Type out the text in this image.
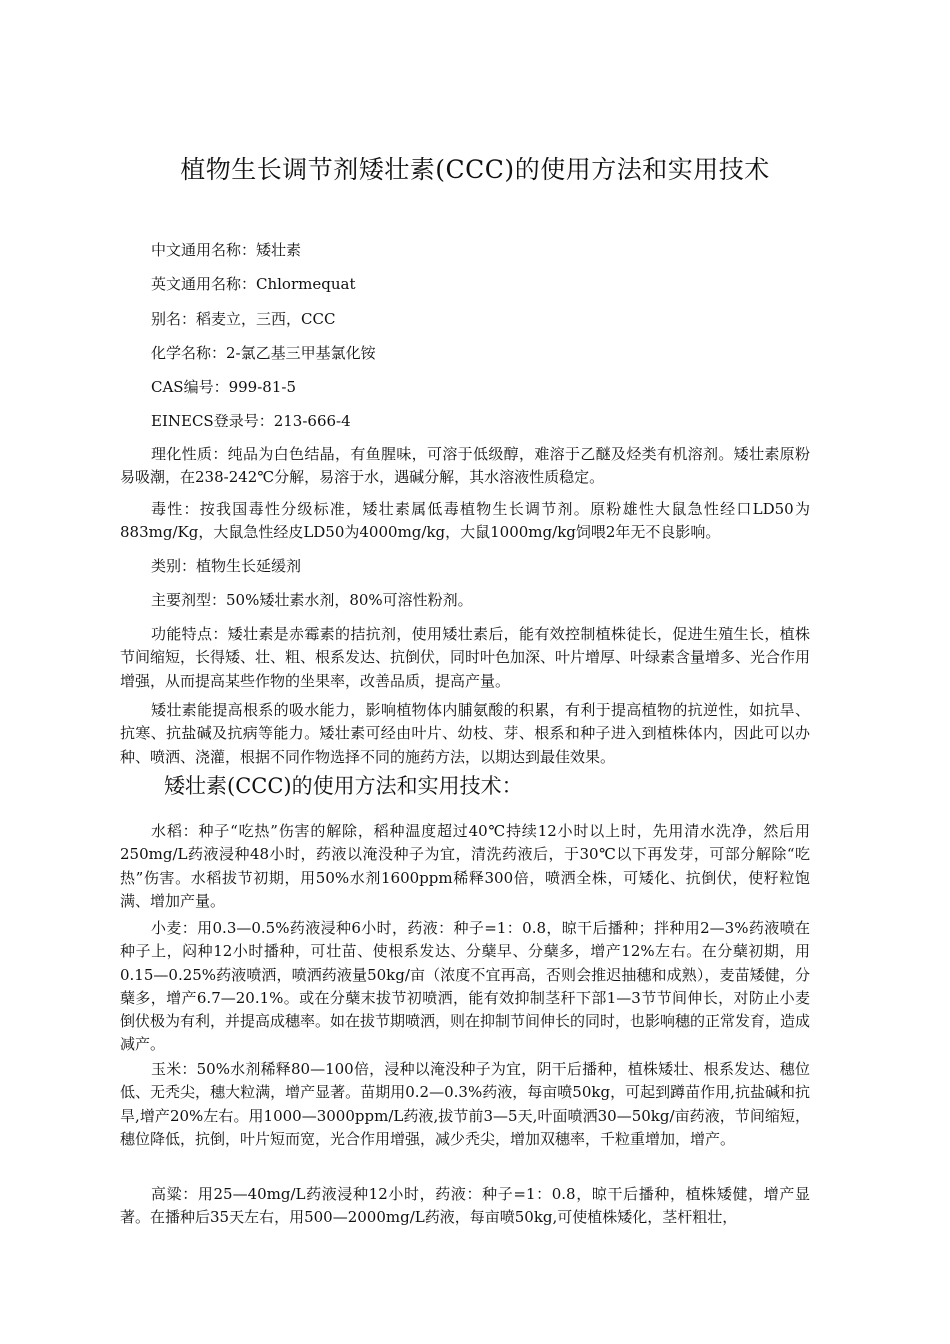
植物生长调节剂矮壮素(CCC)的使用方法和实用技术
中文通用名称：矮壮素
英文通用名称：Chlormequat
别名：稻麦立，三西，CCC
化学名称：2-氯乙基三甲基氯化铵
CAS编号：999-81-5
EINECS登录号：213-666-4

理化性质：纯品为白色结晶，有鱼腥味，可溶于低级醇，难溶于乙醚及烃类有机溶剂。矮壮素原粉易吸潮，在238-242℃分解，易溶于水，遇碱分解，其水溶液性质稳定。

毒性：按我国毒性分级标准，矮壮素属低毒植物生长调节剂。原粉雄性大鼠急性经口LD50为883mg/Kg，大鼠急性经皮LD50为4000mg/kg，大鼠1000mg/kg饲喂2年无不良影响。

类别：植物生长延缓剂

主要剂型：50%矮壮素水剂，80%可溶性粉剂。

功能特点：矮壮素是赤霉素的拮抗剂，使用矮壮素后，能有效控制植株徒长，促进生殖生长，植株节间缩短，长得矮、壮、粗、根系发达、抗倒伏，同时叶色加深、叶片增厚、叶绿素含量增多、光合作用增强，从而提高某些作物的坐果率，改善品质，提高产量。

矮壮素能提高根系的吸水能力，影响植物体内脯氨酸的积累，有利于提高植物的抗逆性，如抗旱、抗寒、抗盐碱及抗病等能力。矮壮素可经由叶片、幼枝、芽、根系和种子进入到植株体内，因此可以办种、喷洒、浇灌，根据不同作物选择不同的施药方法，以期达到最佳效果。

矮壮素(CCC)的使用方法和实用技术：

水稻：种子“吃热”伤害的解除，稻种温度超过40℃持续12小时以上时，先用清水洗净，然后用250mg/L药液浸种48小时，药液以淹没种子为宜，清洗药液后，于30℃以下再发芽，可部分解除“吃热”伤害。水稻拔节初期，用50%水剂1600ppm稀释300倍，喷洒全株，可矮化、抗倒伏，使籽粒饱满、增加产量。

小麦：用0.3—0.5%药液浸种6小时，药液：种子=1：0.8，晾干后播种；拌种用2—3%药液喷在种子上，闷种12小时播种，可壮苗、使根系发达、分蘖早、分蘖多，增产12%左右。在分蘖初期，用0.15—0.25%药液喷洒，喷洒药液量50kg/亩（浓度不宜再高，否则会推迟抽穗和成熟），麦苗矮健，分蘖多，增产6.7—20.1%。或在分蘖末拔节初喷洒，能有效抑制茎秆下部1—3节节间伸长，对防止小麦倒伏极为有利，并提高成穗率。如在拔节期喷洒，则在抑制节间伸长的同时，也影响穗的正常发育，造成减产。

玉米：50%水剂稀释80—100倍，浸种以淹没种子为宜，阴干后播种，植株矮壮、根系发达、穗位低、无秃尖，穗大粒满，增产显著。苗期用0.2—0.3%药液，每亩喷50kg，可起到蹲苗作用,抗盐碱和抗旱,增产20%左右。用1000—3000ppm/L药液,拔节前3—5天,叶面喷洒30—50kg/亩药液，节间缩短，穗位降低，抗倒，叶片短而宽，光合作用增强，减少秃尖，增加双穗率，千粒重增加，增产。

高粱：用25—40mg/L药液浸种12小时，药液：种子=1：0.8，晾干后播种，植株矮健，增产显著。在播种后35天左右，用500—2000mg/L药液，每亩喷50kg,可使植株矮化，茎杆粗壮，
